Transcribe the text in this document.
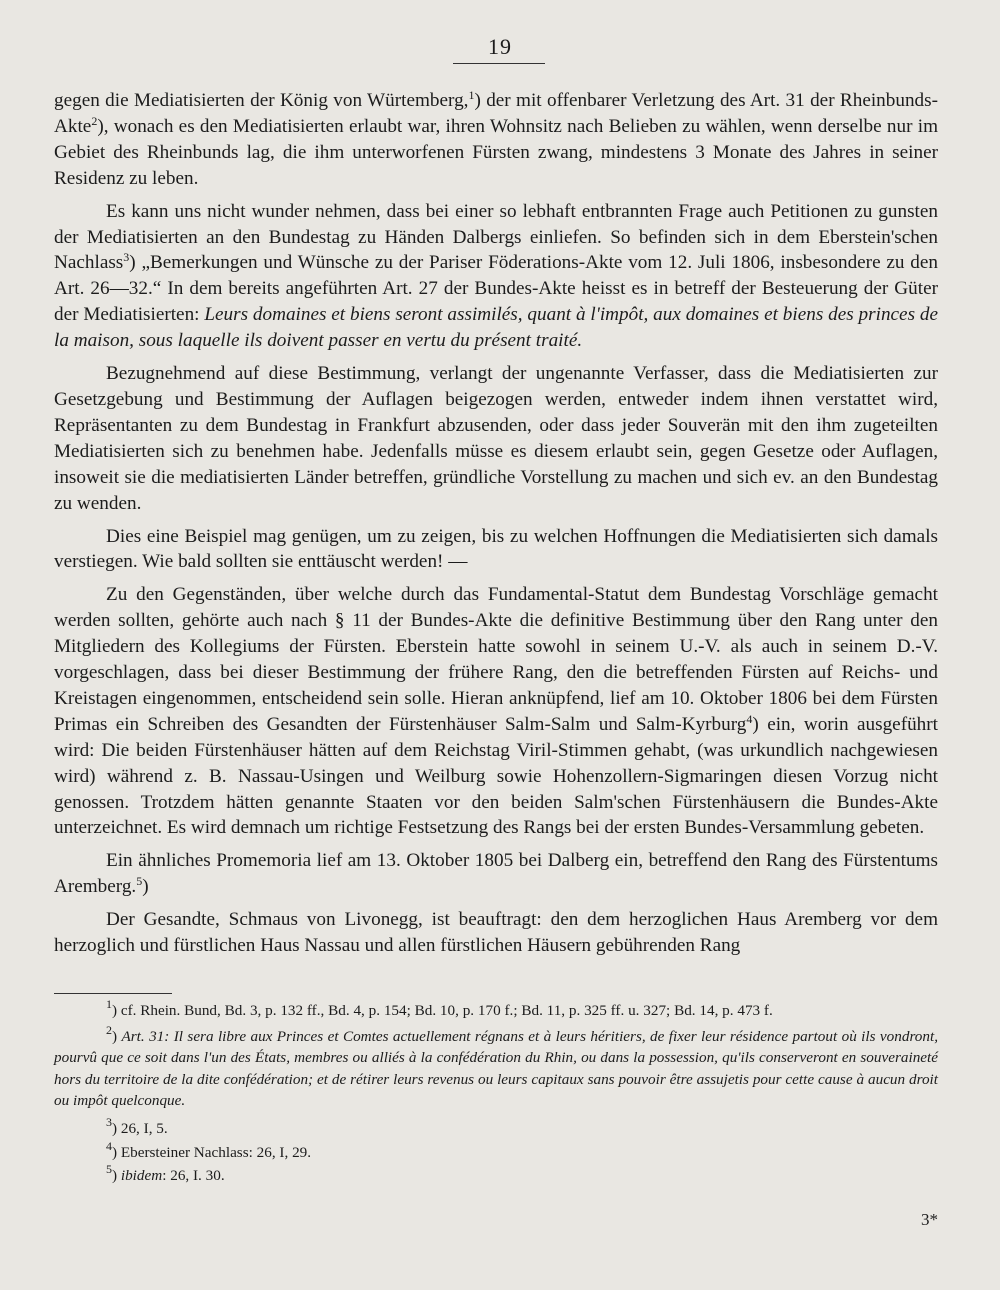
19

gegen die Mediatisierten der König von Würtemberg,$^1$) der mit offenbarer Verletzung des Art. 31 der Rheinbunds-Akte$^2$), wonach es den Mediatisierten erlaubt war, ihren Wohnsitz nach Belieben zu wählen, wenn derselbe nur im Gebiet des Rheinbunds lag, die ihm unterworfenen Fürsten zwang, mindestens 3 Monate des Jahres in seiner Residenz zu leben.

Es kann uns nicht wunder nehmen, dass bei einer so lebhaft entbrannten Frage auch Petitionen zu gunsten der Mediatisierten an den Bundestag zu Händen Dalbergs einliefen. So befinden sich in dem Eberstein'schen Nachlass$^3$) „Bemerkungen und Wünsche zu der Pariser Föderations-Akte vom 12. Juli 1806, insbesondere zu den Art. 26—32.“ In dem bereits angeführten Art. 27 der Bundes-Akte heisst es in betreff der Besteuerung der Güter der Mediatisierten: Leurs domaines et biens seront assimilés, quant à l'impôt, aux domaines et biens des princes de la maison, sous laquelle ils doivent passer en vertu du présent traité.

Bezugnehmend auf diese Bestimmung, verlangt der ungenannte Verfasser, dass die Mediatisierten zur Gesetzgebung und Bestimmung der Auflagen beigezogen werden, entweder indem ihnen verstattet wird, Repräsentanten zu dem Bundestag in Frankfurt abzusenden, oder dass jeder Souverän mit den ihm zugeteilten Mediatisierten sich zu benehmen habe. Jedenfalls müsse es diesem erlaubt sein, gegen Gesetze oder Auflagen, insoweit sie die mediatisierten Länder betreffen, gründliche Vorstellung zu machen und sich ev. an den Bundestag zu wenden.

Dies eine Beispiel mag genügen, um zu zeigen, bis zu welchen Hoffnungen die Mediatisierten sich damals verstiegen. Wie bald sollten sie enttäuscht werden! —

Zu den Gegenständen, über welche durch das Fundamental-Statut dem Bundestag Vorschläge gemacht werden sollten, gehörte auch nach § 11 der Bundes-Akte die definitive Bestimmung über den Rang unter den Mitgliedern des Kollegiums der Fürsten. Eberstein hatte sowohl in seinem U.-V. als auch in seinem D.-V. vorgeschlagen, dass bei dieser Bestimmung der frühere Rang, den die betreffenden Fürsten auf Reichs- und Kreistagen eingenommen, entscheidend sein solle. Hieran anknüpfend, lief am 10. Oktober 1806 bei dem Fürsten Primas ein Schreiben des Gesandten der Fürstenhäuser Salm-Salm und Salm-Kyrburg$^4$) ein, worin ausgeführt wird: Die beiden Fürstenhäuser hätten auf dem Reichstag Viril-Stimmen gehabt, (was urkundlich nachgewiesen wird) während z. B. Nassau-Usingen und Weilburg sowie Hohenzollern-Sigmaringen diesen Vorzug nicht genossen. Trotzdem hätten genannte Staaten vor den beiden Salm'schen Fürstenhäusern die Bundes-Akte unterzeichnet. Es wird demnach um richtige Festsetzung des Rangs bei der ersten Bundes-Versammlung gebeten.

Ein ähnliches Promemoria lief am 13. Oktober 1805 bei Dalberg ein, betreffend den Rang des Fürstentums Aremberg.$^5$)

Der Gesandte, Schmaus von Livonegg, ist beauftragt: den dem herzoglichen Haus Aremberg vor dem herzoglich und fürstlichen Haus Nassau und allen fürstlichen Häusern gebührenden Rang

$^1$) cf. Rhein. Bund, Bd. 3, p. 132 ff., Bd. 4, p. 154; Bd. 10, p. 170 f.; Bd. 11, p. 325 ff. u. 327; Bd. 14, p. 473 f.

$^2$) Art. 31: Il sera libre aux Princes et Comtes actuellement régnans et à leurs héritiers, de fixer leur résidence partout où ils vondront, pourvû que ce soit dans l'un des États, membres ou alliés à la confédération du Rhin, ou dans la possession, qu'ils conserveront en souveraineté hors du territoire de la dite confédération; et de rétirer leurs revenus ou leurs capitaux sans pouvoir être assujetis pour cette cause à aucun droit ou impôt quelconque.

$^3$) 26, I, 5.

$^4$) Ebersteiner Nachlass: 26, I, 29.

$^5$) ibidem: 26, I. 30.

3*
